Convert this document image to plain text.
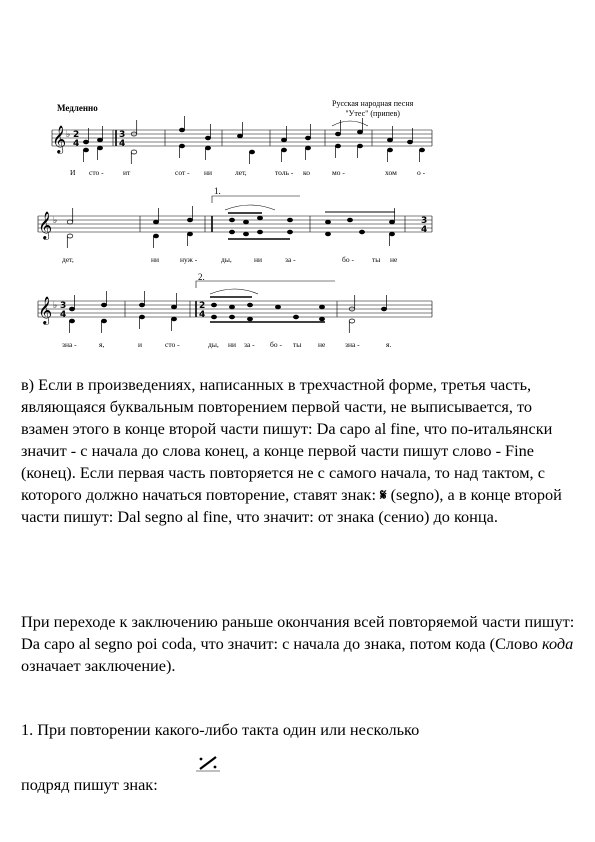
Медленно	Русская народная песня
"Утес" (припев)
𝄞 ♭ 2
4
3
4
𝄞 ♭	3
4
𝄞 ♭ 3
4
2
4
1.
2.
И сто -	ит	сот - ни	лет,	толь - ко	мо -	хом	о -
дет,	ни	нуж -	ды,	ни	за -	бо - ты не
зна -	я,	и	сто -	ды, ни за - бо - ты не	зна -	я.

в) Если в произведениях, написанных в трехчастной форме, третья часть, являющаяся буквальным повторением первой части, не выписывается, то взамен этого в конце второй части пишут: Da capo al fine, что по-итальянски значит - с начала до слова конец, а конце первой части пишут слово - Fine (конец). Если первая часть повторяется не с самого начала, то над тактом, с которого должно начаться повторение, ставят знак: 𝄋 (segno), а в конце второй части пишут: Dal segno al fine, что значит: от знака (сенио) до конца.

При переходе к заключению раньше окончания всей повторяемой части пишут: Da capo al segno poi coda, что значит: с начала до знака, потом кода (Слово кода означает заключение).

1. При повторении какого-либо такта один или несколько
подряд пишут знак:
